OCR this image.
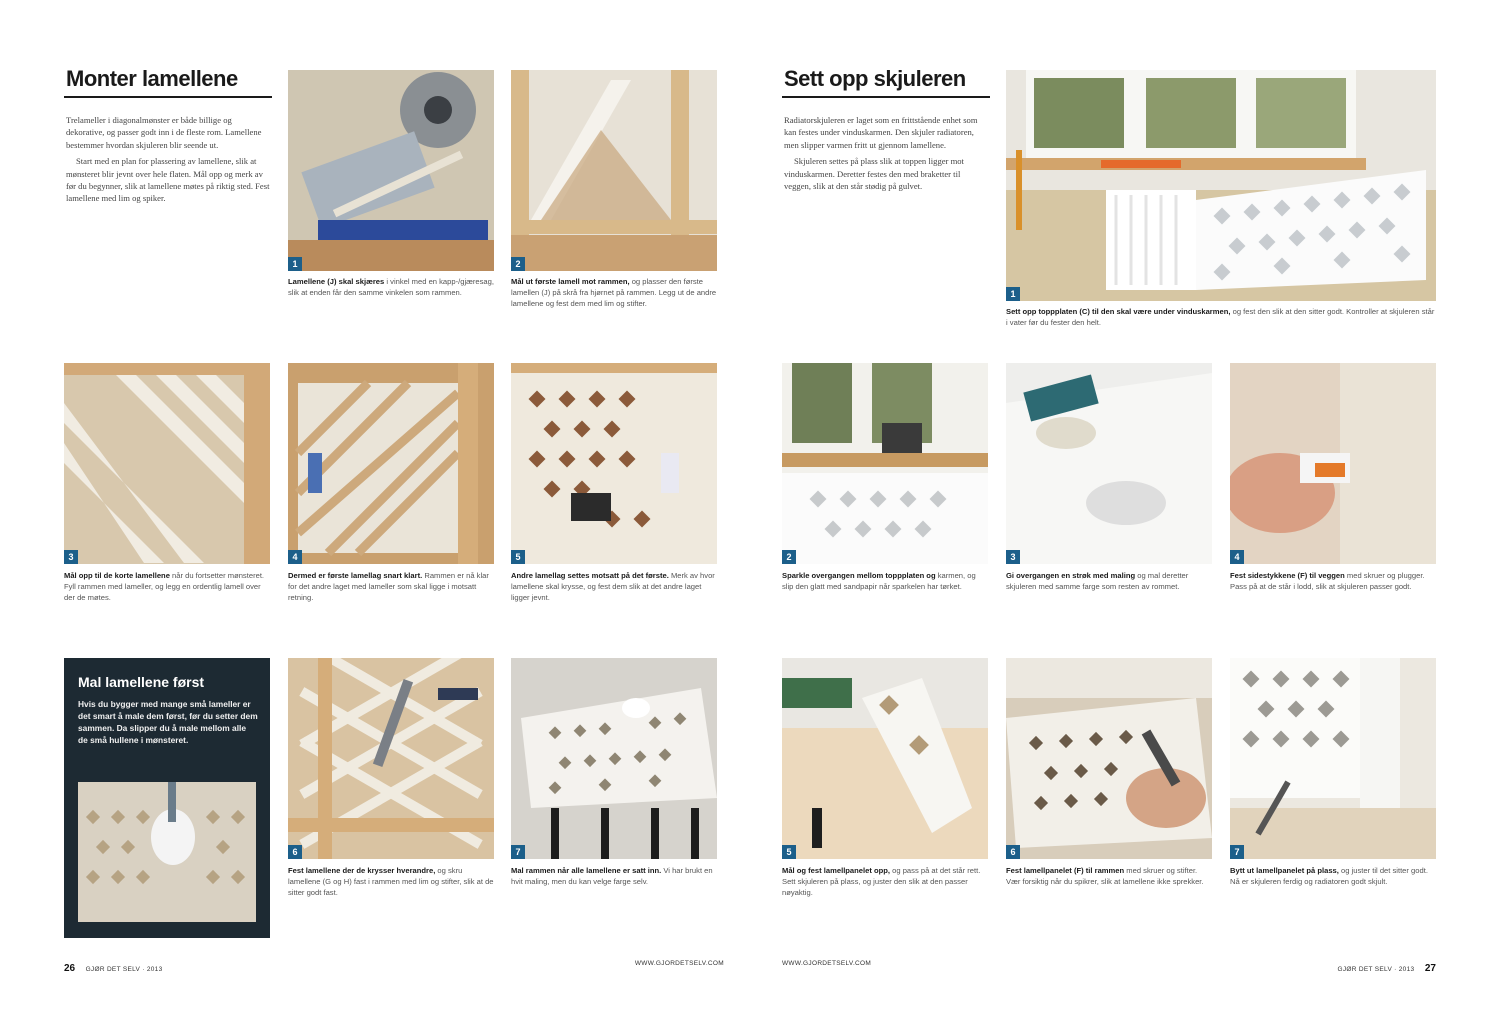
Monter lamellene

Trelameller i diagonalmønster er både billige og dekorative, og passer godt inn i de fleste rom. Lamellene bestemmer hvordan skjuleren blir seende ut.

Start med en plan for plassering av lamellene, slik at mønsteret blir jevnt over hele flaten. Mål opp og merk av før du begynner, slik at lamellene møtes på riktig sted. Fest lamellene med lim og spiker.

1	2
Lamellene (J) skal skjæres i vinkel med en kapp-/gjæresag, slik at enden får den samme vinkelen som rammen.
Mål ut første lamell mot rammen, og plasser den første lamellen (J) på skrå fra hjørnet på rammen. Legg ut de andre lamellene og fest dem med lim og stifter.
3	4	5
Mål opp til de korte lamellene når du fortsetter mønsteret. Fyll rammen med lameller, og legg en ordentlig lamell over der de møtes.
Dermed er første lamellag snart klart. Rammen er nå klar for det andre laget med lameller som skal ligge i motsatt retning.
Andre lamellag settes motsatt på det første. Merk av hvor lamellene skal krysse, og fest dem slik at det andre laget ligger jevnt.
Mal lamellene først
Hvis du bygger med mange små lameller er det smart å male dem først, før du setter dem sammen. Da slipper du å male mellom alle de små hullene i mønsteret.
6	7
Fest lamellene der de krysser hverandre, og skru lamellene (G og H) fast i rammen med lim og stifter, slik at de sitter godt fast.
Mal rammen når alle lamellene er satt inn. Vi har brukt en hvit maling, men du kan velge farge selv.
26 GJØR DET SELV · 2013
WWW.GJORDETSELV.COM
Sett opp skjuleren

Radiatorskjuleren er laget som en frittstående enhet som kan festes under vinduskarmen. Den skjuler radiatoren, men slipper varmen fritt ut gjennom lamellene.

Skjuleren settes på plass slik at toppen ligger mot vinduskarmen. Deretter festes den med braketter til veggen, slik at den står stødig på gulvet.

1
Sett opp toppplaten (C) til den skal være under vinduskarmen, og fest den slik at den sitter godt. Kontroller at skjuleren står i vater før du fester den helt.
2	3	4
Sparkle overgangen mellom toppplaten og karmen, og slip den glatt med sandpapir når sparkelen har tørket.
Gi overgangen en strøk med maling og mal deretter skjuleren med samme farge som resten av rommet.
Fest sidestykkene (F) til veggen med skruer og plugger. Pass på at de står i lodd, slik at skjuleren passer godt.
5	6	7
Mål og fest lamellpanelet opp, og pass på at det står rett. Sett skjuleren på plass, og juster den slik at den passer nøyaktig.
Fest lamellpanelet (F) til rammen med skruer og stifter. Vær forsiktig når du spikrer, slik at lamellene ikke sprekker.
Bytt ut lamellpanelet på plass, og juster til det sitter godt. Nå er skjuleren ferdig og radiatoren godt skjult.
WWW.GJORDETSELV.COM
GJØR DET SELV · 2013 27
